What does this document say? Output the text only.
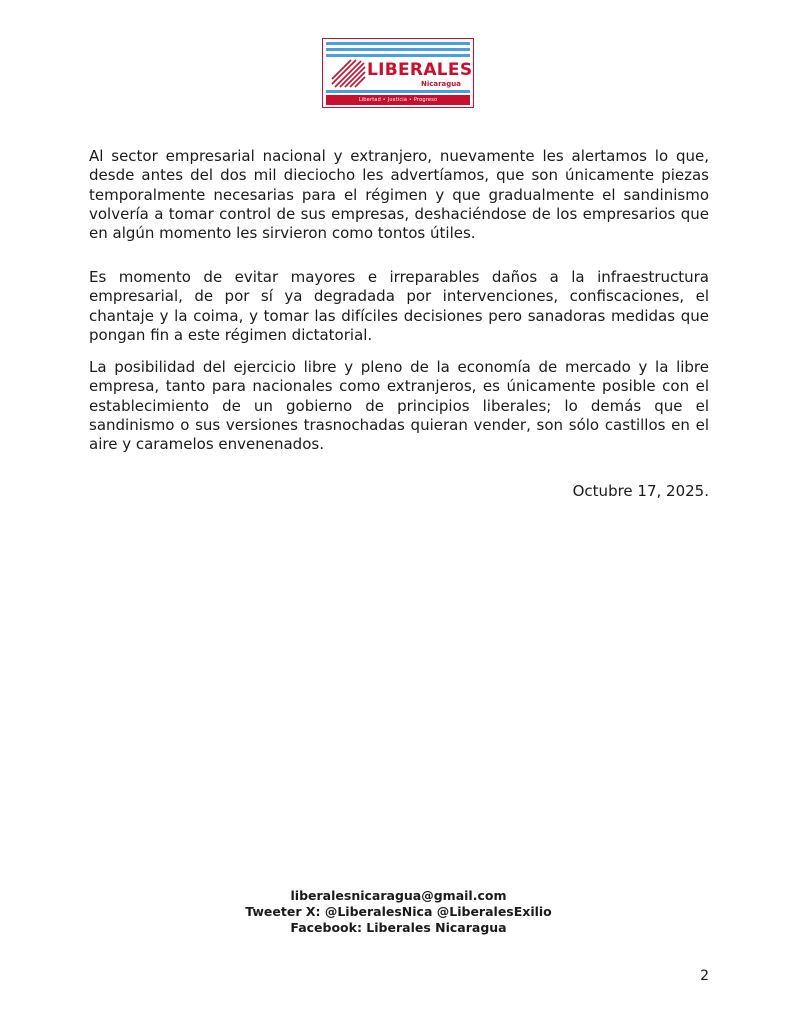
LIBERALES
Nicaragua
Libertad • Justicia • Progreso

Al sector empresarial nacional y extranjero, nuevamente les alertamos lo que, desde antes del dos mil dieciocho les advertíamos, que son únicamente piezas temporalmente necesarias para el régimen y que gradualmente el sandinismo volvería a tomar control de sus empresas, deshaciéndose de los empresarios que en algún momento les sirvieron como tontos útiles.

Es momento de evitar mayores e irreparables daños a la infraestructura empresarial, de por sí ya degradada por intervenciones, confiscaciones, el chantaje y la coima, y tomar las difíciles decisiones pero sanadoras medidas que pongan fin a este régimen dictatorial.

La posibilidad del ejercicio libre y pleno de la economía de mercado y la libre empresa, tanto para nacionales como extranjeros, es únicamente posible con el establecimiento de un gobierno de principios liberales; lo demás que el sandinismo o sus versiones trasnochadas quieran vender, son sólo castillos en el aire y caramelos envenenados.

Octubre 17, 2025.
liberalesnicaragua@gmail.com
Tweeter X: @LiberalesNica @LiberalesExilio
Facebook: Liberales Nicaragua
2
